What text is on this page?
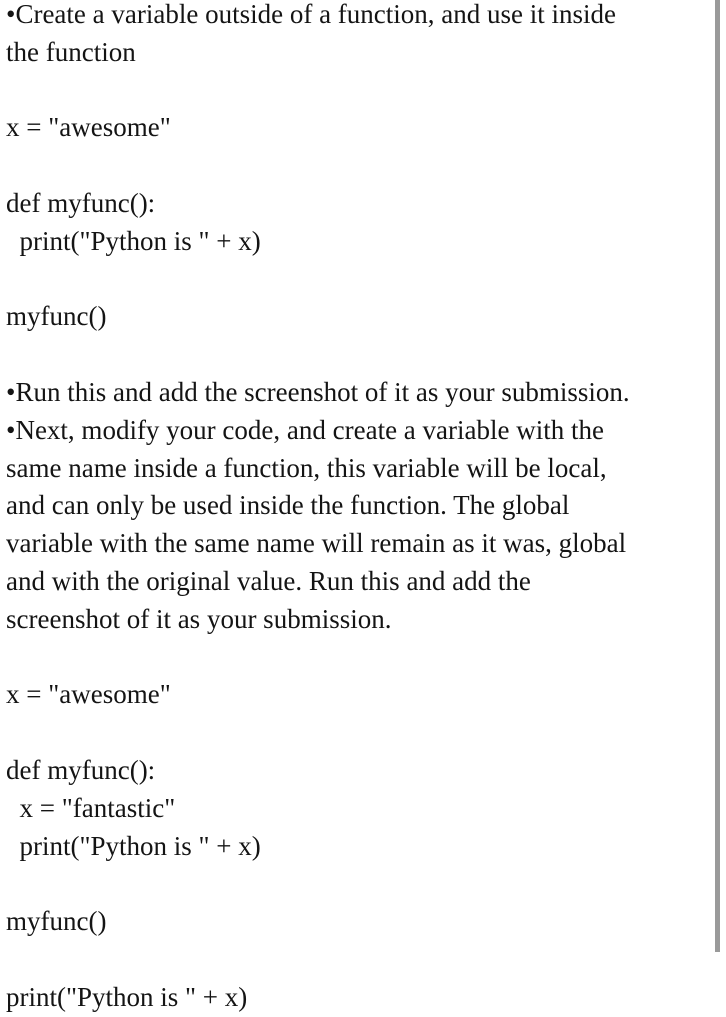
•Create a variable outside of a function, and use it inside
the function
x = "awesome"
def myfunc():
print("Python is " + x)
myfunc()
•Run this and add the screenshot of it as your submission.
•Next, modify your code, and create a variable with the
same name inside a function, this variable will be local,
and can only be used inside the function. The global
variable with the same name will remain as it was, global
and with the original value. Run this and add the
screenshot of it as your submission.
x = "awesome"
def myfunc():
x = "fantastic"
print("Python is " + x)
myfunc()
print("Python is " + x)
